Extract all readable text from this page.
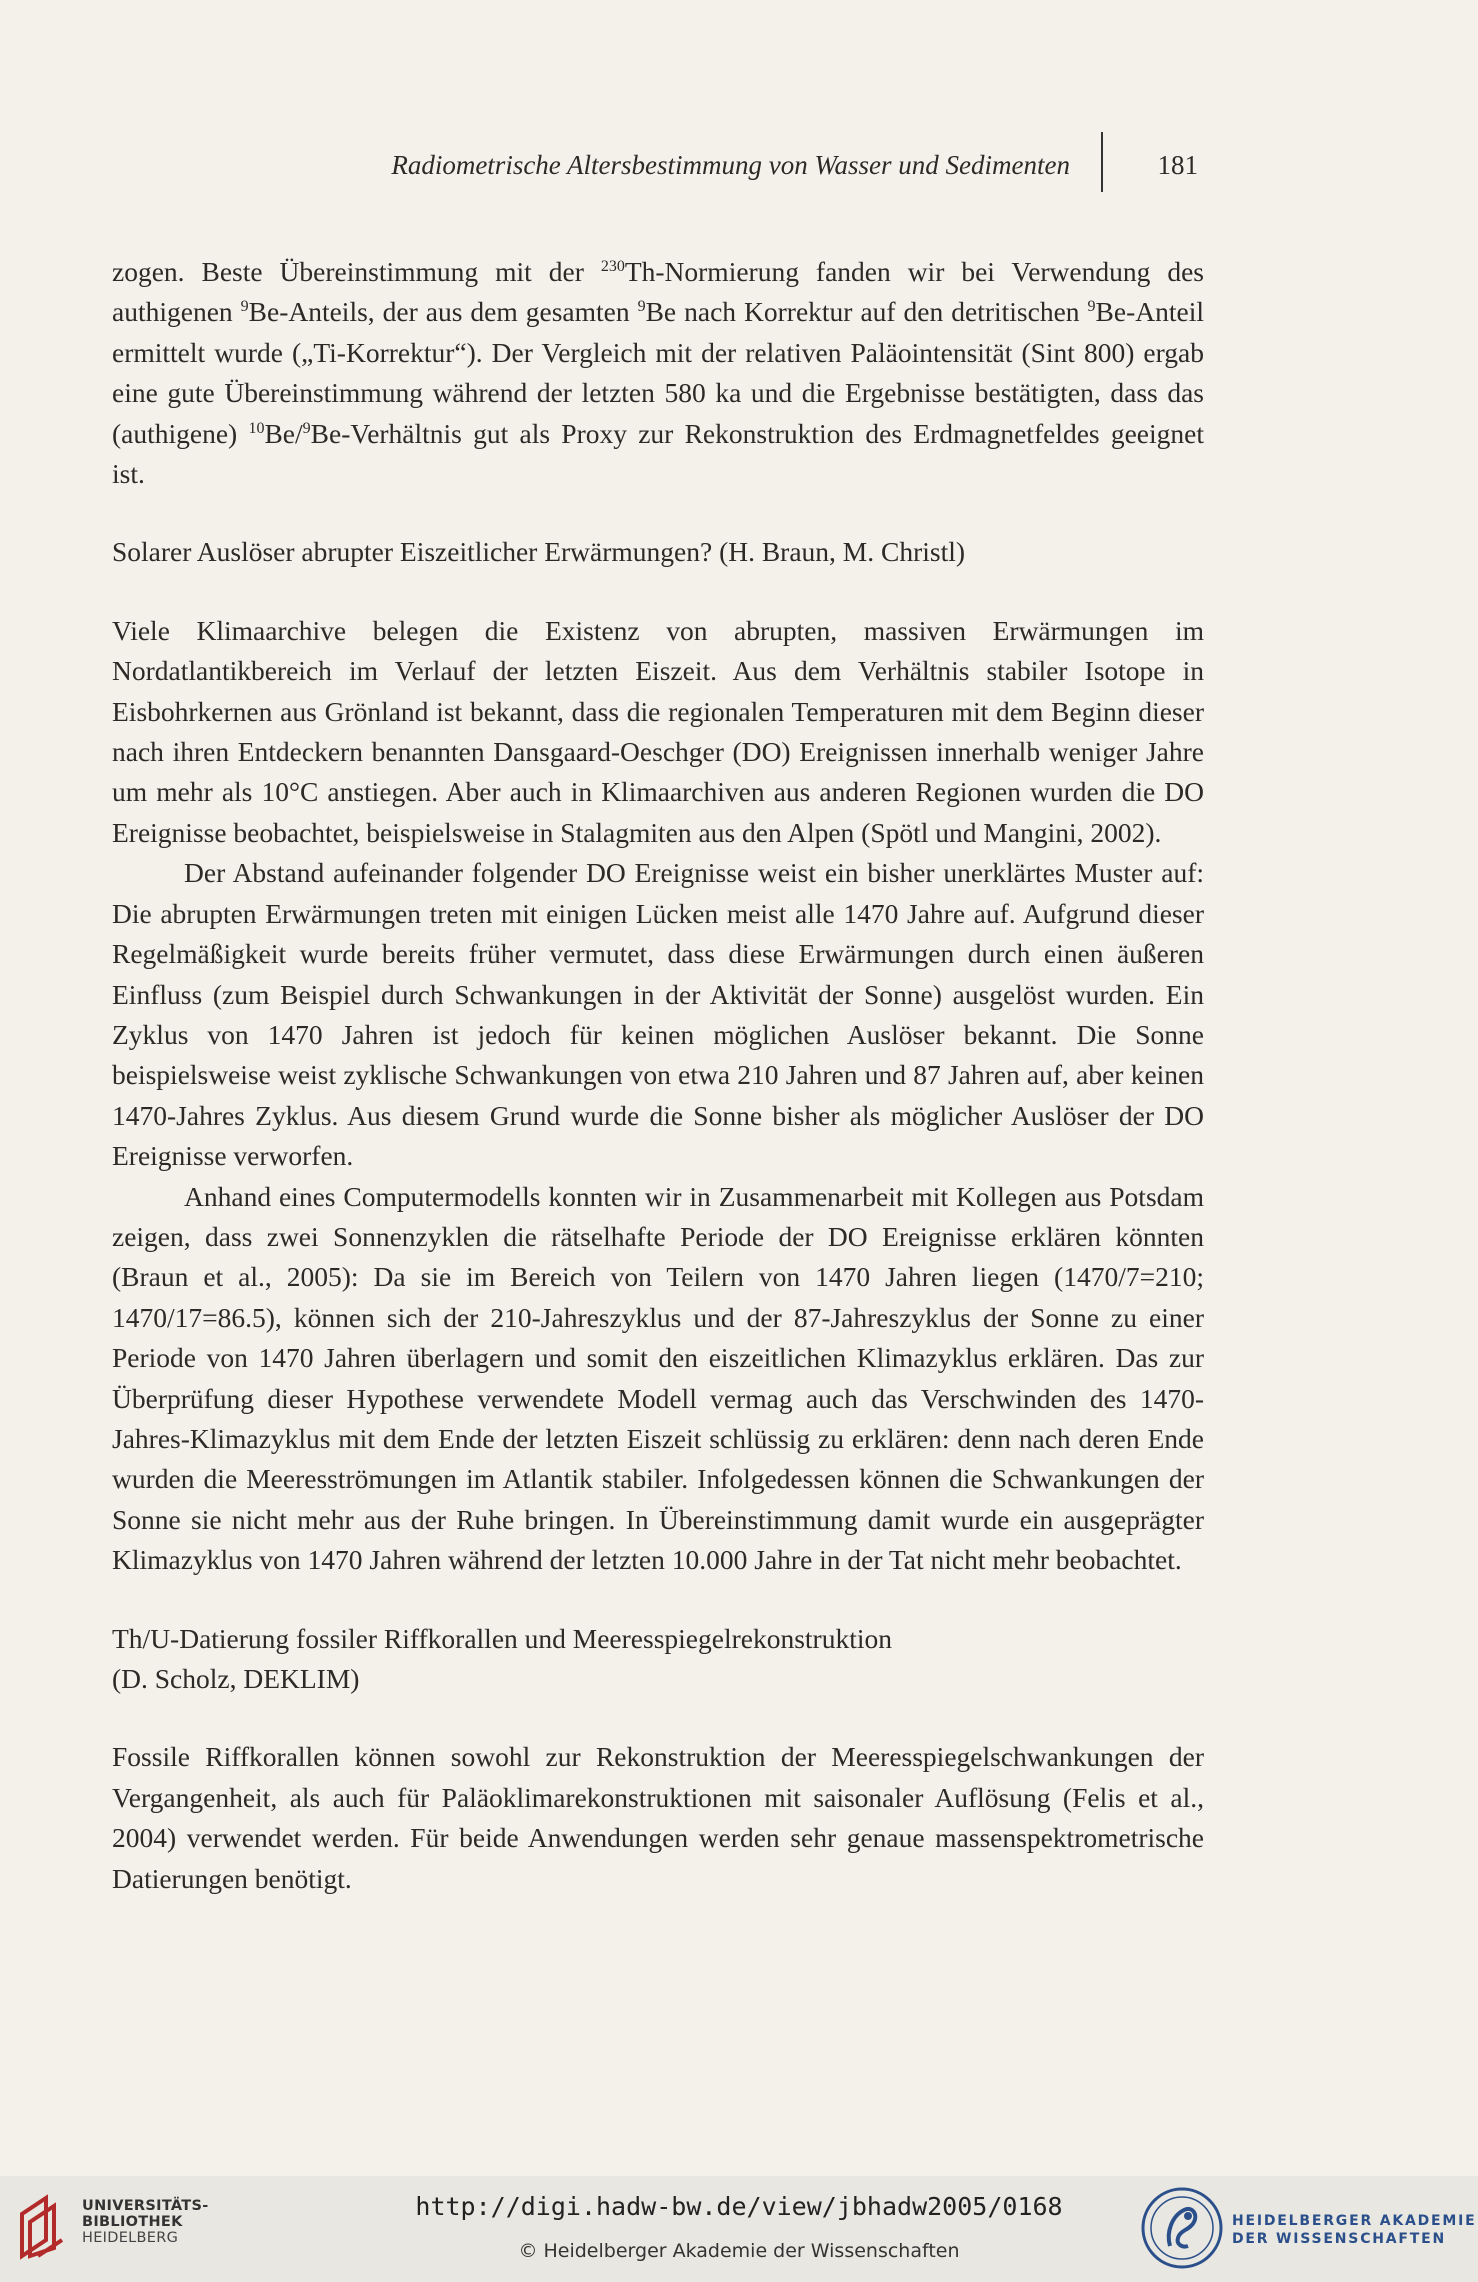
Radiometrische Altersbestimmung von Wasser und Sedimenten	181

zogen. Beste Übereinstimmung mit der $^{230}$Th-Normierung fanden wir bei Verwendung des authigenen $^9$Be-Anteils, der aus dem gesamten $^9$Be nach Korrektur auf den detritischen $^9$Be-Anteil ermittelt wurde („Ti-Korrektur“). Der Vergleich mit der relativen Paläointensität (Sint 800) ergab eine gute Übereinstimmung während der letzten 580 ka und die Ergebnisse bestätigten, dass das (authigene) $^{10}$Be/$^9$Be-Verhältnis gut als Proxy zur Rekonstruktion des Erdmagnetfeldes geeignet ist.

Solarer Auslöser abrupter Eiszeitlicher Erwärmungen? (H. Braun, M. Christl)

Viele Klimaarchive belegen die Existenz von abrupten, massiven Erwärmungen im Nordatlantikbereich im Verlauf der letzten Eiszeit. Aus dem Verhältnis stabiler Isotope in Eisbohrkernen aus Grönland ist bekannt, dass die regionalen Temperaturen mit dem Beginn dieser nach ihren Entdeckern benannten Dansgaard-Oeschger (DO) Ereignissen innerhalb weniger Jahre um mehr als 10°C anstiegen. Aber auch in Klimaarchiven aus anderen Regionen wurden die DO Ereignisse beobachtet, beispielsweise in Stalagmiten aus den Alpen (Spötl und Mangini, 2002).

Der Abstand aufeinander folgender DO Ereignisse weist ein bisher unerklärtes Muster auf: Die abrupten Erwärmungen treten mit einigen Lücken meist alle 1470 Jahre auf. Aufgrund dieser Regelmäßigkeit wurde bereits früher vermutet, dass diese Erwärmungen durch einen äußeren Einfluss (zum Beispiel durch Schwankungen in der Aktivität der Sonne) ausgelöst wurden. Ein Zyklus von 1470 Jahren ist jedoch für keinen möglichen Auslöser bekannt. Die Sonne beispielsweise weist zyklische Schwankungen von etwa 210 Jahren und 87 Jahren auf, aber keinen 1470-Jahres Zyklus. Aus diesem Grund wurde die Sonne bisher als möglicher Auslöser der DO Ereignisse verworfen.

Anhand eines Computermodells konnten wir in Zusammenarbeit mit Kollegen aus Potsdam zeigen, dass zwei Sonnenzyklen die rätselhafte Periode der DO Ereignisse erklären könnten (Braun et al., 2005): Da sie im Bereich von Teilern von 1470 Jahren liegen (1470/7=210; 1470/17=86.5), können sich der 210-Jahreszyklus und der 87-Jahreszyklus der Sonne zu einer Periode von 1470 Jahren überlagern und somit den eiszeitlichen Klimazyklus erklären. Das zur Überprüfung dieser Hypothese verwendete Modell vermag auch das Verschwinden des 1470-Jahres-Klimazyklus mit dem Ende der letzten Eiszeit schlüssig zu erklären: denn nach deren Ende wurden die Meeresströmungen im Atlantik stabiler. Infolgedessen können die Schwankungen der Sonne sie nicht mehr aus der Ruhe bringen. In Übereinstimmung damit wurde ein ausgeprägter Klimazyklus von 1470 Jahren während der letzten 10.000 Jahre in der Tat nicht mehr beobachtet.

Th/U-Datierung fossiler Riffkorallen und Meeresspiegelrekonstruktion

(D. Scholz, DEKLIM)

Fossile Riffkorallen können sowohl zur Rekonstruktion der Meeresspiegelschwankungen der Vergangenheit, als auch für Paläoklimarekonstruktionen mit saisonaler Auflösung (Felis et al., 2004) verwendet werden. Für beide Anwendungen werden sehr genaue massenspektrometrische Datierungen benötigt.

UNIVERSITÄTS-
BIBLIOTHEK
HEIDELBERG
http://digi.hadw-bw.de/view/jbhadw2005/0168
© Heidelberger Akademie der Wissenschaften
HEIDELBERGER AKADEMIE
DER WISSENSCHAFTEN
